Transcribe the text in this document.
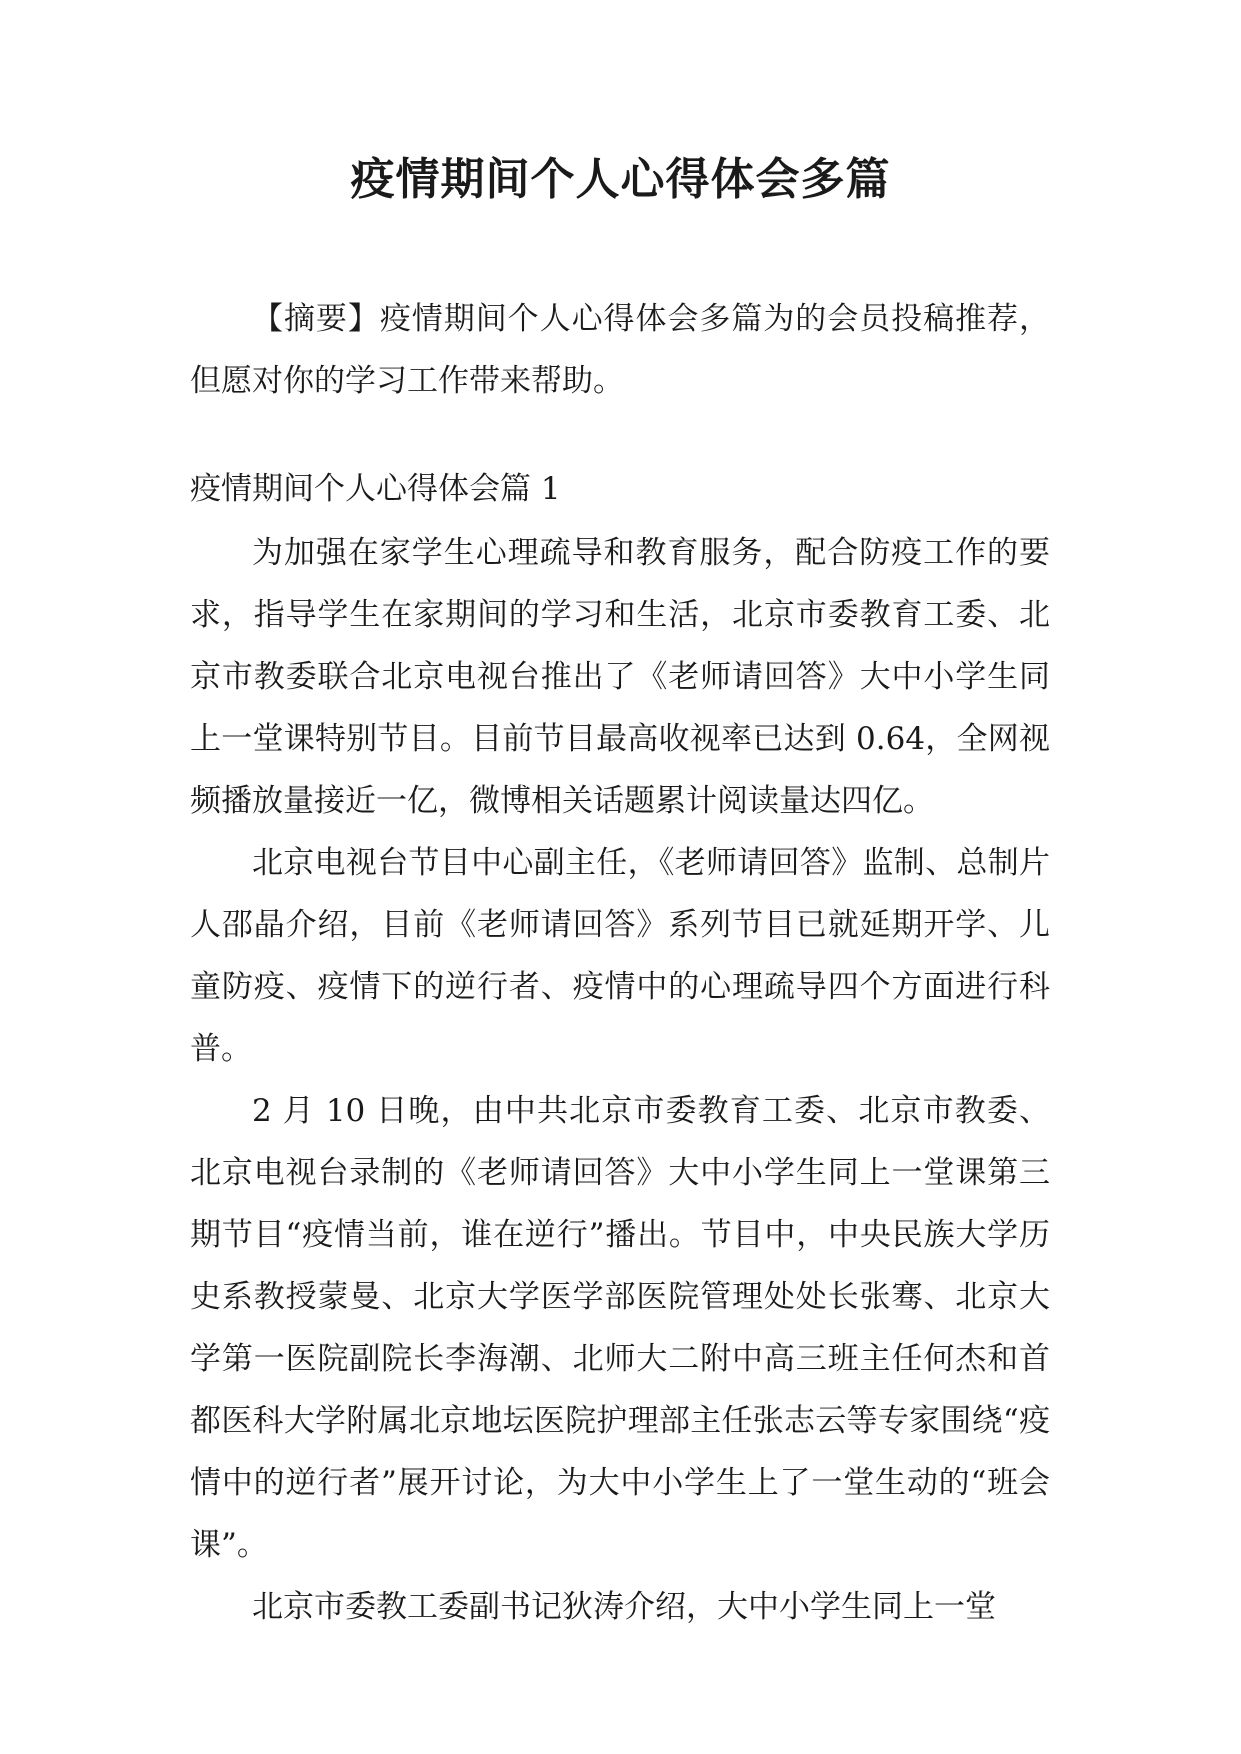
疫情期间个人心得体会多篇

【摘要】疫情期间个人心得体会多篇为的会员投稿推荐，但愿对你的学习工作带来帮助。

疫情期间个人心得体会篇 1

为加强在家学生心理疏导和教育服务，配合防疫工作的要求，指导学生在家期间的学习和生活，北京市委教育工委、北京市教委联合北京电视台推出了《老师请回答》大中小学生同上一堂课特别节目。目前节目最高收视率已达到 0.64，全网视频播放量接近一亿，微博相关话题累计阅读量达四亿。

北京电视台节目中心副主任，《老师请回答》监制、总制片人邵晶介绍，目前《老师请回答》系列节目已就延期开学、儿童防疫、疫情下的逆行者、疫情中的心理疏导四个方面进行科普。

2 月 10 日晚，由中共北京市委教育工委、北京市教委、北京电视台录制的《老师请回答》大中小学生同上一堂课第三期节目“疫情当前，谁在逆行”播出。节目中，中央民族大学历史系教授蒙曼、北京大学医学部医院管理处处长张骞、北京大学第一医院副院长李海潮、北师大二附中高三班主任何杰和首都医科大学附属北京地坛医院护理部主任张志云等专家围绕“疫情中的逆行者”展开讨论，为大中小学生上了一堂生动的“班会课”。

北京市委教工委副书记狄涛介绍，大中小学生同上一堂
